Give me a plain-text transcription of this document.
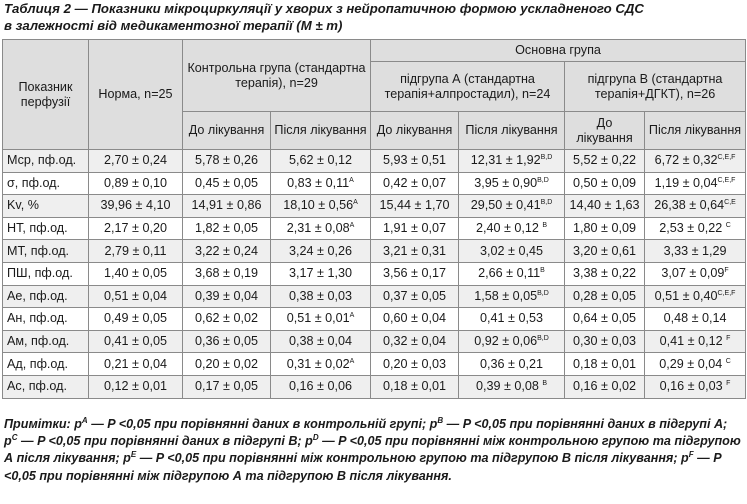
Таблиця 2 — Показники мікроциркуляції у хворих з нейропатичною формою ускладненого СДС
в залежності від медикаментозної терапії (M ± m)
Показник перфузії	Норма, n=25	Контрольна група (стандартна терапія), n=29		Основна група			
				підгрупа А (стандартна терапія+алпростадил), n=24		підгрупа В (стандартна терапія+ДГКТ), n=26	
		До лікування	Після лікування	До лікування	Після лікування	До лікування	Після лікування
Мср, пф.од.	2,70 ± 0,24	5,78 ± 0,26	5,62 ± 0,12	5,93 ± 0,51	$12,31 \pm 1,92^{B,D}$	5,52 ± 0,22	$6,72 \pm 0,32^{C,E,F}$
σ, пф.од.	0,89 ± 0,10	0,45 ± 0,05	$0,83 \pm 0,11^A$	0,42 ± 0,07	$3,95 \pm 0,90^{B,D}$	0,50 ± 0,09	$1,19 \pm 0,04^{C,E,F}$
Kv, %	39,96 ± 4,10	14,91 ± 0,86	$18,10 \pm 0,56^A$	15,44 ± 1,70	$29,50 \pm 0,41^{B,D}$	14,40 ± 1,63	$26,38 \pm 0,64^{C,E}$
НТ, пф.од.	2,17 ± 0,20	1,82 ± 0,05	$2,31 \pm 0,08^A$	1,91 ± 0,07	2,40 ± 0,12 $^B$	1,80 ± 0,09	2,53 ± 0,22 $^C$
МТ, пф.од.	2,79 ± 0,11	3,22 ± 0,24	3,24 ± 0,26	3,21 ± 0,31	3,02 ± 0,45	3,20 ± 0,61	3,33 ± 1,29
ПШ, пф.од.	1,40 ± 0,05	3,68 ± 0,19	3,17 ± 1,30	3,56 ± 0,17	$2,66 \pm 0,11^B$	3,38 ± 0,22	$3,07 \pm 0,09^F$
Ае, пф.од.	0,51 ± 0,04	0,39 ± 0,04	0,38 ± 0,03	0,37 ± 0,05	$1,58 \pm 0,05^{B,D}$	0,28 ± 0,05	$0,51 \pm 0,40^{C,E,F}$
Ан, пф.од.	0,49 ± 0,05	0,62 ± 0,02	$0,51 \pm 0,01^A$	0,60 ± 0,04	0,41 ± 0,53	0,64 ± 0,05	0,48 ± 0,14
Ам, пф.од.	0,41 ± 0,05	0,36 ± 0,05	0,38 ± 0,04	0,32 ± 0,04	$0,92 \pm 0,06^{B,D}$	0,30 ± 0,03	0,41 ± 0,12 $^F$
Ад, пф.од.	0,21 ± 0,04	0,20 ± 0,02	$0,31 \pm 0,02^A$	0,20 ± 0,03	0,36 ± 0,21	0,18 ± 0,01	0,29 ± 0,04 $^C$
Ас, пф.од.	0,12 ± 0,01	0,17 ± 0,05	0,16 ± 0,06	0,18 ± 0,01	0,39 ± 0,08 $^B$	0,16 ± 0,02	0,16 ± 0,03 $^F$
Примітки: $p^A$ — P <0,05 при порівнянні даних в контрольній групі; $p^B$ — P <0,05 при порівнянні даних в підгрупі А; $p^C$ — P <0,05 при порівнянні даних в підгрупі В; $p^D$ — P <0,05 при порівнянні між контрольною групою та підгрупою А після лікування; $p^E$ — P <0,05 при порівнянні між контрольною групою та підгрупою В після лікування; $p^F$ — P <0,05 при порівнянні між підгрупою А та підгрупою В після лікування.
